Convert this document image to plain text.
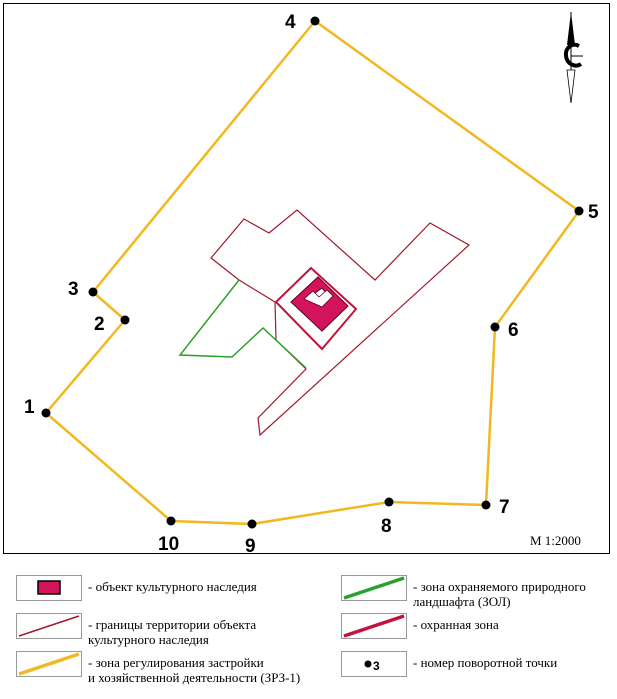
1
2
3
4
5
6
7
8
9
10	М 1:2000
- объект культурного наследия
- границы территории объекта
культурного наследия
- зона регулирования застройки
и хозяйственной деятельности (ЗРЗ-1)
- зона охраняемого природного
ландшафта (ЗОЛ)
- охранная зона
3	- номер поворотной точки
